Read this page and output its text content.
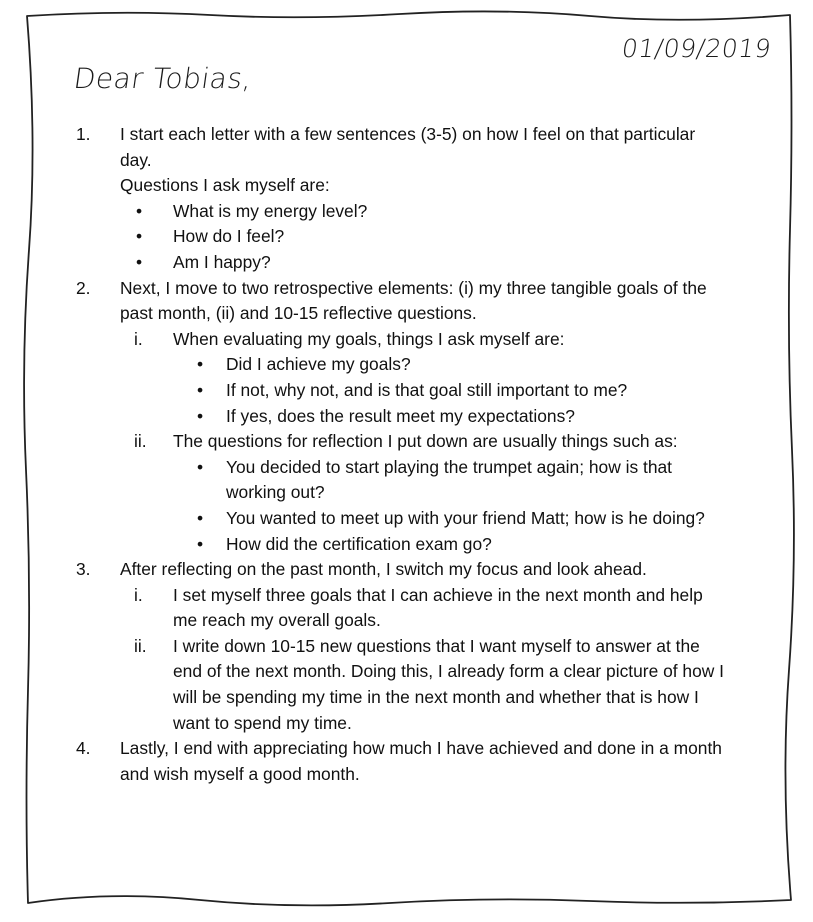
01/09/2019
Dear Tobias,
1. I start each letter with a few sentences (3-5) on how I feel on that particular day.
Questions I ask myself are:
• What is my energy level?
• How do I feel?
• Am I happy?
2. Next, I move to two retrospective elements: (i) my three tangible goals of the past month, (ii) and 10-15 reflective questions.
i. When evaluating my goals, things I ask myself are:
• Did I achieve my goals?
• If not, why not, and is that goal still important to me?
• If yes, does the result meet my expectations?
ii. The questions for reflection I put down are usually things such as:
• You decided to start playing the trumpet again; how is that working out?
• You wanted to meet up with your friend Matt; how is he doing?
• How did the certification exam go?
3. After reflecting on the past month, I switch my focus and look ahead.
i. I set myself three goals that I can achieve in the next month and help me reach my overall goals.
ii. I write down 10-15 new questions that I want myself to answer at the end of the next month. Doing this, I already form a clear picture of how I will be spending my time in the next month and whether that is how I want to spend my time.
4. Lastly, I end with appreciating how much I have achieved and done in a month and wish myself a good month.
